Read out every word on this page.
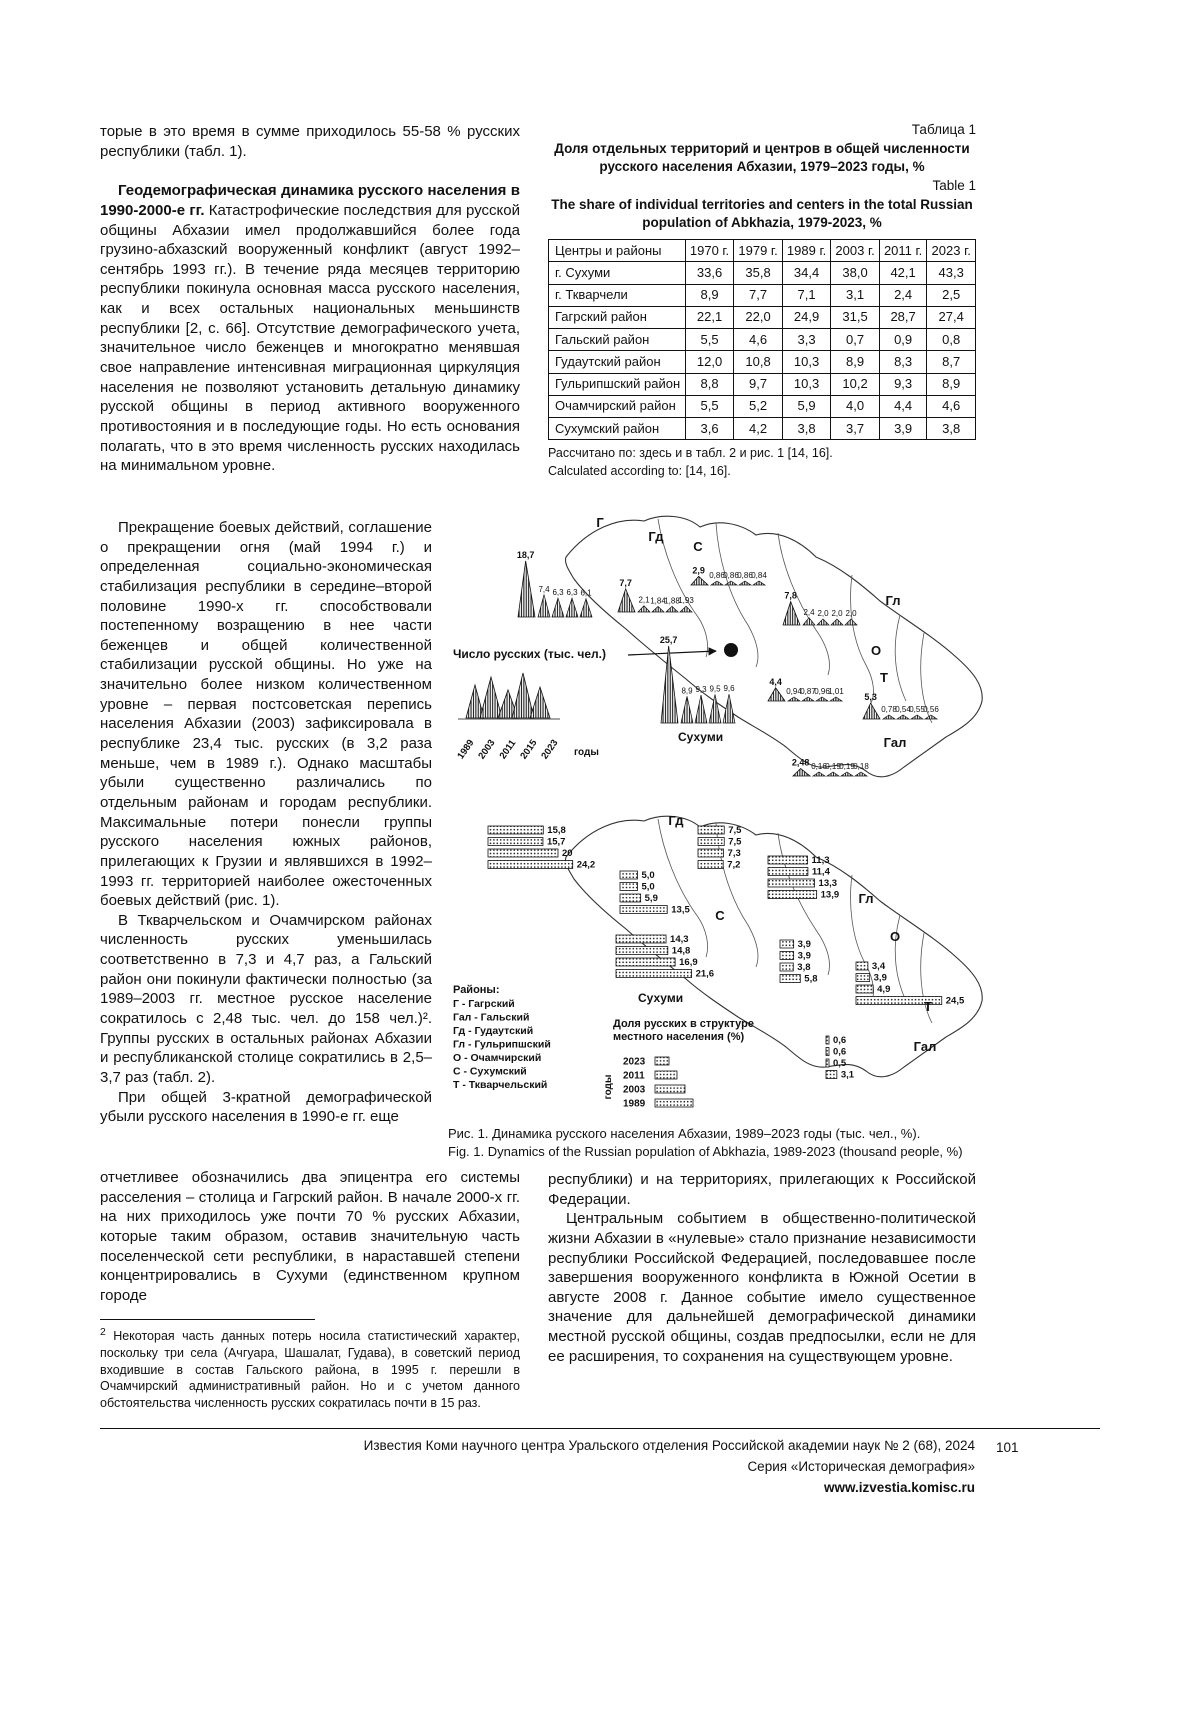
торые в это время в сумме приходилось 55-58 % русских республики (табл. 1).

Геодемографическая динамика русского населения в 1990-2000-е гг. Катастрофические последствия для русской общины Абхазии имел продолжавшийся более года грузино-абхазский вооруженный конфликт (август 1992–сентябрь 1993 гг.). В течение ряда месяцев территорию республики покинула основная масса русского населения, как и всех остальных национальных меньшинств республики [2, с. 66]. Отсутствие демографического учета, значительное число беженцев и многократно менявшая свое направление интенсивная миграционная циркуляция населения не позволяют установить детальную динамику русской общины в период активного вооруженного противостояния и в последующие годы. Но есть основания полагать, что в это время численность русских находилась на минимальном уровне.

Таблица 1
Доля отдельных территорий и центров в общей численности русского населения Абхазии, 1979–2023 годы, %
Table 1
The share of individual territories and centers in the total Russian population of Abkhazia, 1979-2023, %
Центры и районы	1970 г.	1979 г.	1989 г.	2003 г.	2011 г.	2023 г.
г. Сухуми	33,6	35,8	34,4	38,0	42,1	43,3
г. Ткварчели	8,9	7,7	7,1	3,1	2,4	2,5
Гагрский район	22,1	22,0	24,9	31,5	28,7	27,4
Гальский район	5,5	4,6	3,3	0,7	0,9	0,8
Гудаутский район	12,0	10,8	10,3	8,9	8,3	8,7
Гульрипшский район	8,8	9,7	10,3	10,2	9,3	8,9
Очамчирский район	5,5	5,2	5,9	4,0	4,4	4,6
Сухумский район	3,6	4,2	3,8	3,7	3,9	3,8
Рассчитано по: здесь и в табл. 2 и рис. 1 [14, 16].
Calculated according to: [14, 16].

Прекращение боевых действий, соглашение о прекращении огня (май 1994 г.) и определенная социально-экономическая стабилизация республики в середине–второй половине 1990-х гг. способствовали постепенному возращению в нее части беженцев и общей количественной стабилизации русской общины. Но уже на значительно более низком количественном уровне – первая постсоветская перепись населения Абхазии (2003) зафиксировала в республике 23,4 тыс. русских (в 3,2 раза меньше, чем в 1989 г.). Однако масштабы убыли существенно различались по отдельным районам и городам республики. Максимальные потери понесли группы русского населения южных районов, прилегающих к Грузии и являвшихся в 1992–1993 гг. территорией наиболее ожесточенных боевых действий (рис. 1).

В Ткварчельском и Очамчирском районах численность русских уменьшилась соответственно в 7,3 и 4,7 раз, а Гальский район они покинули фактически полностью (за 1989–2003 гг. местное русское население сократилось с 2,48 тыс. чел. до 158 чел.)². Группы русских в остальных районах Абхазии и республиканской столице сократились в 2,5–3,7 раз (табл. 2).

При общей 3-кратной демографической убыли русского населения в 1990-е гг. еще

Число русских (тыс. чел.)
Сухуми
Районы:
Доля русских в структуре
местного населения (%)
Сухуми
18,7
7,4 6,3 6,3 6,1
7,7
2,1 1,84
1,88
1,93
2,9
0,86
0,86
0,86
0,84
7,8
2,4 2,0 2,0 2,0
25,7
8,9 9,3 9,5 9,6
4,4
0,94
0,87
0,96
1,01
5,3
0,78
0,54
0,55
0,56
2,48 0,16
0,19
0,19
0,18
Г
Гд
С
Гл
О
Т
Гал
1989 2003 2011 2015 2023 годы
15,8
15,7
20
24,2
5,0
5,0
5,9
13,5
7,5
7,5
7,3
7,2	11,3
11,4
13,3
13,9
14,3
14,8
16,9
21,6
3,9
3,9
3,8
5,8
3,4
3,9
4,9
24,5
0,6
0,6
0,5
3,1
Гд
С
Гл
О
Т
Гал
Г - Гагрский
Гал - Гальский
Гд - Гудаутский
Гл - Гульрипшский
О - Очамчирский
С - Сухумский
Т - Ткварчельский
2023
2011
2003
1989
годы
Рис. 1. Динамика русского населения Абхазии, 1989–2023 годы (тыс. чел., %).
Fig. 1. Dynamics of the Russian population of Abkhazia, 1989-2023 (thousand people, %)

отчетливее обозначились два эпицентра его системы расселения – столица и Гагрский район. В начале 2000-х гг. на них приходилось уже почти 70 % русских Абхазии, которые таким образом, оставив значительную часть поселенческой сети республики, в нараставшей степени концентрировались в Сухуми (единственном крупном городе

$^2$ Некоторая часть данных потерь носила статистический характер, поскольку три села (Ачгуара, Шашалат, Гудава), в советский период входившие в состав Гальского района, в 1995 г. перешли в Очамчирский административный район. Но и с учетом данного обстоятельства численность русских сократилась почти в 15 раз.

республики) и на территориях, прилегающих к Российской Федерации.

Центральным событием в общественно-политической жизни Абхазии в «нулевые» стало признание независимости республики Российской Федерацией, последовавшее после завершения вооруженного конфликта в Южной Осетии в августе 2008 г. Данное событие имело существенное значение для дальнейшей демографической динамики местной русской общины, создав предпосылки, если не для ее расширения, то сохранения на существующем уровне.

Известия Коми научного центра Уральского отделения Российской академии наук № 2 (68), 2024
Серия «Историческая демография»
www.izvestia.komisc.ru
101
